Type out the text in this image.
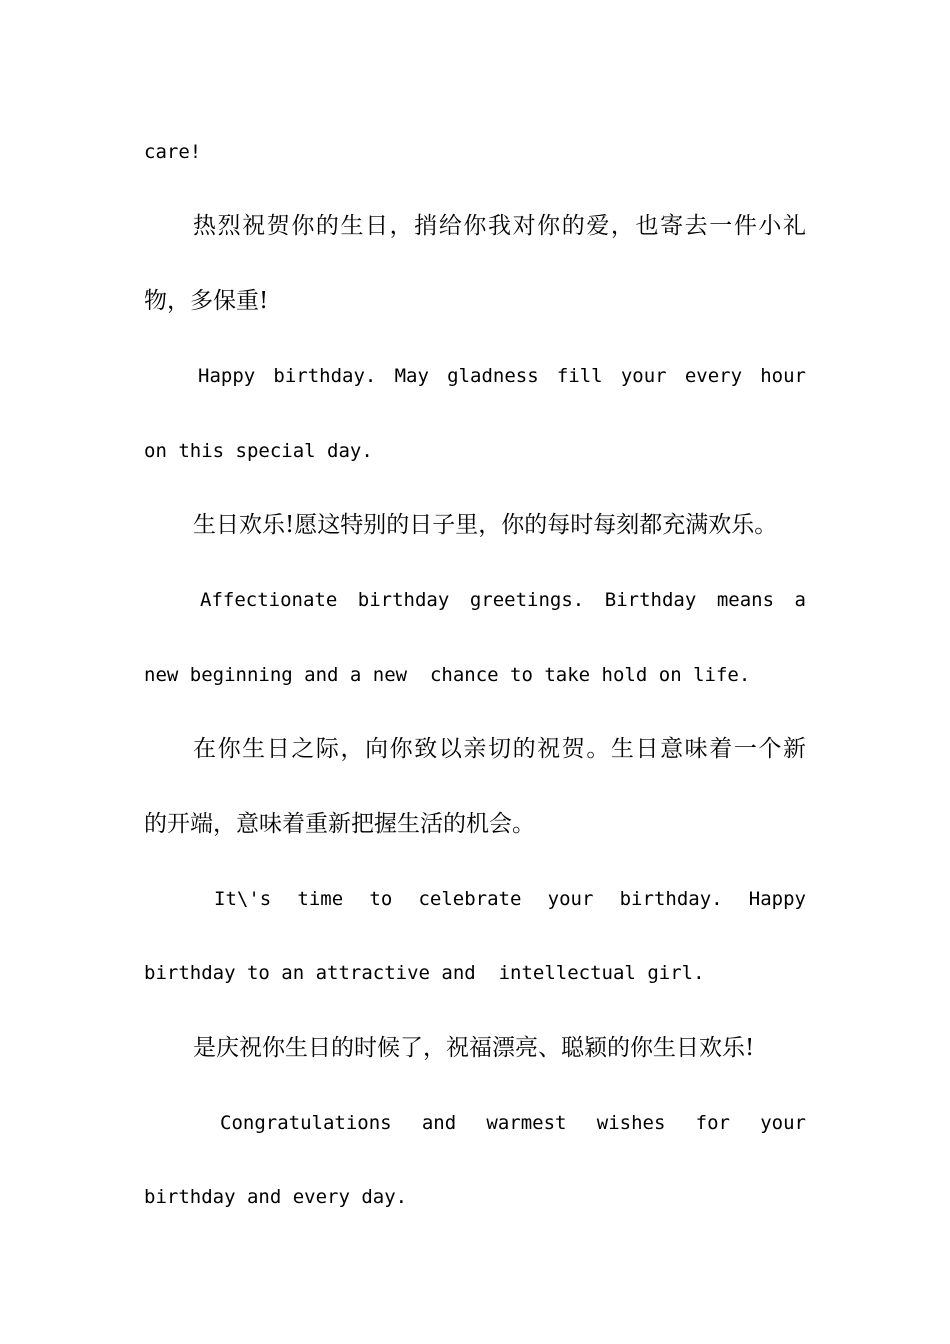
care!
热烈祝贺你的生日，捎给你我对你的爱，也寄去一件小礼
物，多保重!
Happy birthday. May gladness fill your every hour
on this special day.
生日欢乐!愿这特别的日子里，你的每时每刻都充满欢乐。
Affectionate birthday greetings. Birthday means a
new beginning and a new  chance to take hold on life.
在你生日之际，向你致以亲切的祝贺。生日意味着一个新
的开端，意味着重新把握生活的机会。
It\'s time to celebrate your birthday. Happy
birthday to an attractive and  intellectual girl.
是庆祝你生日的时候了，祝福漂亮、聪颖的你生日欢乐!
Congratulations and warmest wishes for your
birthday and every day.
